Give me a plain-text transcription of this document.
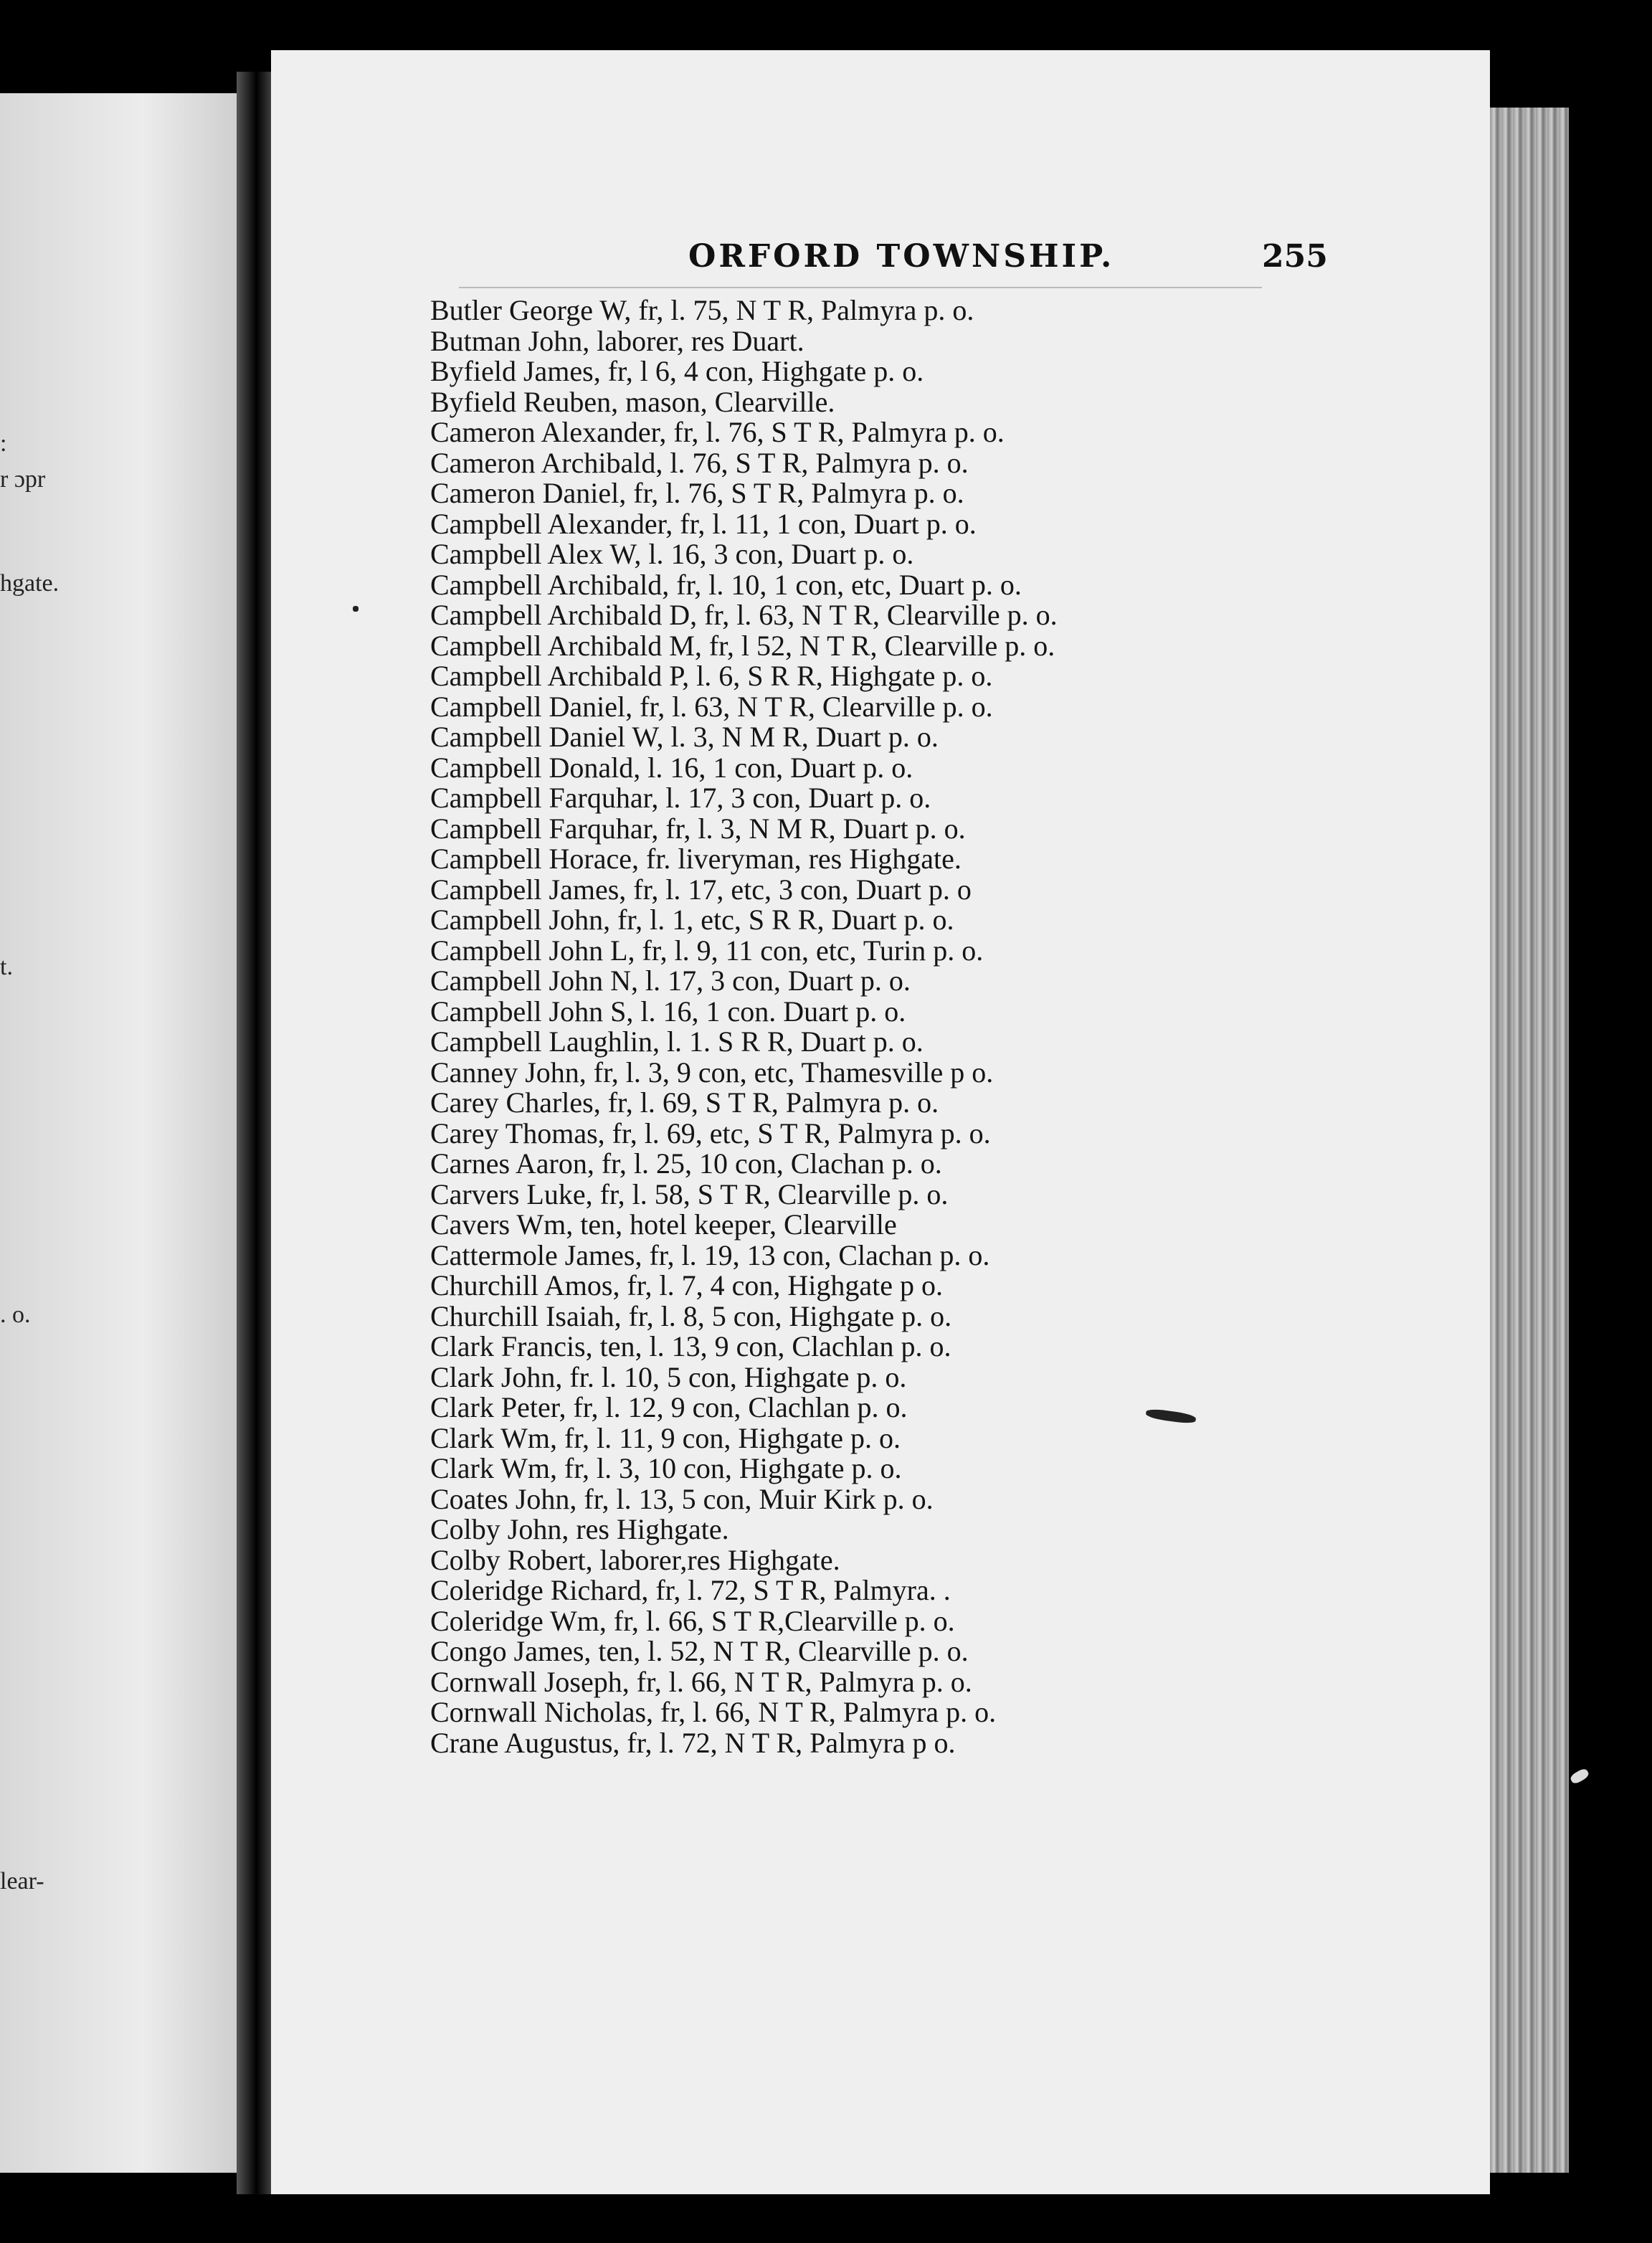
:
r ɔpr
hgate.
t.
. o.
lear-
ORFORD TOWNSHIP.	255
Butler George W, fr, l. 75, N T R, Palmyra p. o.
Butman John, laborer, res Duart.
Byfield James, fr, l 6, 4 con, Highgate p. o.
Byfield Reuben, mason, Clearville.
Cameron Alexander, fr, l. 76, S T R, Palmyra p. o.
Cameron Archibald, l. 76, S T R, Palmyra p. o.
Cameron Daniel, fr, l. 76, S T R, Palmyra p. o.
Campbell Alexander, fr, l. 11, 1 con, Duart p. o.
Campbell Alex W, l. 16, 3 con, Duart p. o.
Campbell Archibald, fr, l. 10, 1 con, etc, Duart p. o.
Campbell Archibald D, fr, l. 63, N T R, Clearville p. o.
Campbell Archibald M, fr, l 52, N T R, Clearville p. o.
Campbell Archibald P, l. 6, S R R, Highgate p. o.
Campbell Daniel, fr, l. 63, N T R, Clearville p. o.
Campbell Daniel W, l. 3, N M R, Duart p. o.
Campbell Donald, l. 16, 1 con, Duart p. o.
Campbell Farquhar, l. 17, 3 con, Duart p. o.
Campbell Farquhar, fr, l. 3, N M R, Duart p. o.
Campbell Horace, fr. liveryman, res Highgate.
Campbell James, fr, l. 17, etc, 3 con, Duart p. o
Campbell John, fr, l. 1, etc, S R R, Duart p. o.
Campbell John L, fr, l. 9, 11 con, etc, Turin p. o.
Campbell John N, l. 17, 3 con, Duart p. o.
Campbell John S, l. 16, 1 con. Duart p. o.
Campbell Laughlin, l. 1. S R R, Duart p. o.
Canney John, fr, l. 3, 9 con, etc, Thamesville p o.
Carey Charles, fr, l. 69, S T R, Palmyra p. o.
Carey Thomas, fr, l. 69, etc, S T R, Palmyra p. o.
Carnes Aaron, fr, l. 25, 10 con, Clachan p. o.
Carvers Luke, fr, l. 58, S T R, Clearville p. o.
Cavers Wm, ten, hotel keeper, Clearville
Cattermole James, fr, l. 19, 13 con, Clachan p. o.
Churchill Amos, fr, l. 7, 4 con, Highgate p o.
Churchill Isaiah, fr, l. 8, 5 con, Highgate p. o.
Clark Francis, ten, l. 13, 9 con, Clachlan p. o.
Clark John, fr. l. 10, 5 con, Highgate p. o.
Clark Peter, fr, l. 12, 9 con, Clachlan p. o.
Clark Wm, fr, l. 11, 9 con, Highgate p. o.
Clark Wm, fr, l. 3, 10 con, Highgate p. o.
Coates John, fr, l. 13, 5 con, Muir Kirk p. o.
Colby John, res Highgate.
Colby Robert, laborer,res Highgate.
Coleridge Richard, fr, l. 72, S T R, Palmyra. .
Coleridge Wm, fr, l. 66, S T R,Clearville p. o.
Congo James, ten, l. 52, N T R, Clearville p. o.
Cornwall Joseph, fr, l. 66, N T R, Palmyra p. o.
Cornwall Nicholas, fr, l. 66, N T R, Palmyra p. o.
Crane Augustus, fr, l. 72, N T R, Palmyra p o.
